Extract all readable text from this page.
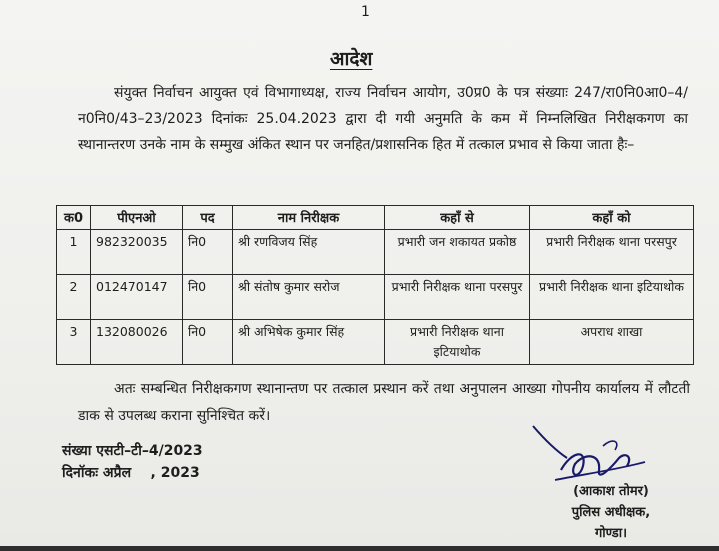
1
आदेश

संयुक्त निर्वाचन आयुक्त एवं विभागाध्यक्ष, राज्य निर्वाचन आयोग, उ0प्र0 के पत्र संख्याः 247/रा0नि0आ0–4/न0नि0/43–23/2023 दिनांकः 25.04.2023 द्वारा दी गयी अनुमति के कम में निम्नलिखित निरीक्षकगण का स्थानान्तरण उनके नाम के सम्मुख अंकित स्थान पर जनहित/प्रशासनिक हित में तत्काल प्रभाव से किया जाता हैः–

क0	पीएनओ	पद	नाम निरीक्षक	कहाँ से	कहाँ को
1	982320035	नि0	श्री रणविजय सिंह	प्रभारी जन शकायत प्रकोष्ठ	प्रभारी निरीक्षक थाना परसपुर
2	012470147	नि0	श्री संतोष कुमार सरोज	प्रभारी निरीक्षक थाना परसपुर	प्रभारी निरीक्षक थाना इटियाथोक
3	132080026	नि0	श्री अभिषेक कुमार सिंह	प्रभारी निरीक्षक थाना इटियाथोक	अपराध शाखा

अतः सम्बन्धित निरीक्षकगण स्थानान्तण पर तत्काल प्रस्थान करें तथा अनुपालन आख्या गोपनीय कार्यालय में लौटती डाक से उपलब्ध कराना सुनिश्चित करें।

संख्या एसटी–टी–4/2023
दिनॉकः अप्रैल    , 2023
(आकाश तोमर)
पुलिस अधीक्षक,
गोण्डा।
